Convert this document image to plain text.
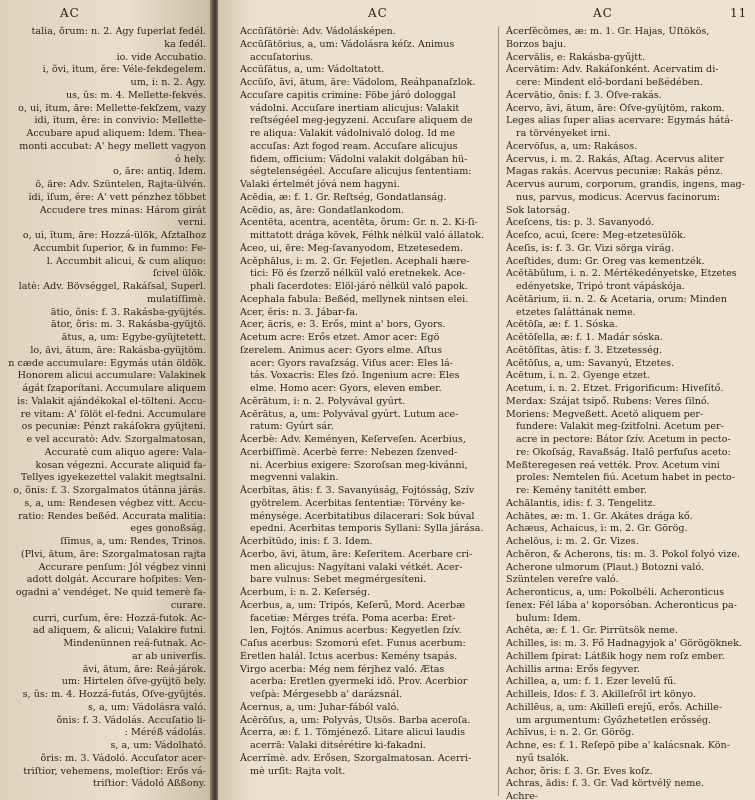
AC
talia, õrum: n. 2. Ágy ſuperlat fedél.
ka fedél.
io. vide Accubatio.
i, õvi, ĭtum, ĕre: Véle-fekdegelem.
um, i: n. 2. Ágy.
us, ŭs: m. 4. Mellette-fekvés.
o, ui, ĭtum, ăre: Mellette-fekſzem, vazy
idi, ĭtum, ĕre: in convivio: Mellette-
Accubare apud aliquem: Idem. Thea-
monti accubat: A' hegy mellett vagyon
ó hely.
o, ăre: antiq. Idem.
ō, ăre: Adv. Szüntelen, Rajta-ülvén.
ĭdi, ĭſum, ĕre: A' vett pénzhez többet
Accudere tres minas: Három girát
verni.
o, ui, ĭtum, ăre: Hozzá-ülök, Aſztalhoz
Accumbit ſuperior, & in fummo: Fe-
l. Accumbit alicui, & cum aliquo:
ſcivel ülök.
latè: Adv. Bövséggel, Rakáſsal, Superl.
mulatiſſimè.
ātio, õnis: f. 3. Rakásba-gyüjtés.
ātor, õris: m. 3. Rakásba-gyüjtö.
ātus, a, um: Egybe-gyüjtetett.
lo, ăvi, ătum, ăre: Rakásba-gyüjtöm.
n cæde accumulare: Egymás után öldök.
Honorem alicui accumulare: Valakinek
ágát ſzaporítani. Accumulare aliquem
is: Valakit ajándékokal el-tölteni. Accu-
re vitam: A' ſölöt el-fedni. Accumulare
os pecuniæ: Pénzt rakáſokra gyüjteni.
e vel accuratò: Adv. Szorgalmatosan,
Accuratè cum aliquo agere: Vala-
kosan végezni. Accurate aliquid fa-
Tellyes igyekezettel valakit megtsalni.
o, õnis: f. 3. Szorgalmatos útánna járás.
s, a, um: Rendesen végbez vitt. Accu-
ratio: Rendes beßéd. Accurata malitia:
eges gonoßság.
ſſimus, a, um: Rendes, Trinos.
(Plvi, ătum, ăre: Szorgalmatosan rajta
Accurare penſum: Jól végbez vinni
adott dolgát. Accurare hoſpites: Ven-
ogadni a' vendéget. Ne quid temerè fa-
curare.
curri, curſum, ĕre: Hozzá-futok. Ac-
ad aliquem, & alicui; Valakire futni.
Mindenünnen reá-futnak. Ac-
ar ab univerſis.
ăvi, ătum, ăre: Reá-járok.
um: Hirtelen öſve-gyüjtö bely.
s, ŭs: m. 4. Hozzá-futás, Öſve-gyüjtés.
s, a, um: Vádolásra való.
õnis: f. 3. Vádolás. Accuſatio li-
: Méréß vádolás.
s, a, um: Vádolható.
õris: m. 3. Vádoló. Accuſator acer-
triſtior, vehemens, moleſtior: Erős vá-
triſtior: Vádoló Aßßony.
AC	AC	11
Accūſātōriè: Adv. Vádolásképen.
Accūſātōrius, a, um: Vádolásra kéſz. Animus
accuſatorius.
Accūſātus, a, um: Vádoltatott.
Accūſo, āvi, ātum, āre: Vádolom, Reáhpanaſzlok.
Accuſare capitis crimine: Föbe járó dologgal
vádolni. Accuſare inertiam alicujus: Valakit
reſtségéel meg-jegyzeni. Accuſare aliquem de
re aliqua: Valakit vádolnivaló dolog. Id me
accuſas: Azt fogod ream. Accuſare alicujus
fidem, officium: Vádolni valakit dolgában hü-
ségtelenségéel. Accuſare alicujus ſententiam:
Valaki értelmét jóvá nem hagyni.
Acēdia, æ: f. 1. Gr. Reſtség, Gondatlanság.
Acēdio, as, āre: Gondatlankodom.
Acentēta, acentra, acentēta, õrum: Gr. n. 2. Ki-ſi-
mittatott drága kövek, Félhk nélkül való állatok.
Ăceo, ui, ēre: Meg-ſavanyodom, Etzetesedem.
Acĕphălus, i: m. 2. Gr. Fejetlen. Acephali hære-
tici: Fö és ſzerző nélkül való eretnekek. Ace-
phali ſacerdotes: Elöl-járó nélkül való papok.
Acephala fabula: Beßéd, mellynek nintsen elei.
Acer, ĕris: n. 3. Jábar-fa.
Acer, ācris, e: 3. Erős, mint a' bors, Gyors.
Acetum acre: Erős etzet. Amor acer: Égö
ſzerelem. Animus acer: Gyors elme. Aſtus
acer: Gyors ravaſzság. Viſus acer: Éles lá-
tás. Voxacris: Éles ſzó. Ingenium acre: Éles
elme. Homo acer: Gyors, eleven ember.
Acĕrātum, i: n. 2. Polyvával gyúrt.
Acĕrātus, a, um: Polyvával gyúrt. Lutum ace-
ratum: Gyúrt sár.
Ăcerbè: Adv. Keményen, Keſerveſen. Acerbius,
Acerbiſſimè. Acerbè ferre: Nebezen ſzenved-
ni. Acerbius exigere: Szoroſsan meg-kivánni,
megvenni valakin.
Ăcerbĭtas, ātis: f. 3. Savanyúság, Fojtósság, Szív
gyötrelem. Acerbitas ſententiæ: Törvény ke-
ménysége. Acerbitatibus dilacerari: Sok búval
epedni. Acerbitas temporis Syllani: Sylla járása.
Ăcerbĭtūdo, inis: f. 3. Idem.
Ăcerbo, āvi, ātum, āre: Keſeritem. Acerbare cri-
men alicujus: Nagyítani valaki vétkét. Acer-
bare vulnus: Sebet megmérgesíteni.
Ăcerbum, i: n. 2. Keſerség.
Ăcerbus, a, um: Tripós, Keſerű, Mord. Acerbæ
facetiæ: Mérges tréfa. Poma acerba: Éret-
len, Fojtós. Animus acerbus: Kegyetlen ſzív.
Caſus acerbus: Szomorú eſet. Funus acerbum:
Éretlen halál. Ictus acerbus: Kemény tsapás.
Virgo acerba: Még nem férjhez való. Ætas
acerba: Éretlen gyermeki idö. Prov. Acerbior
veſpà: Mérgesebb a' darázsnál.
Ăcernus, a, um: Juhar-fából való.
Ăcērōſus, a, um: Polyvás, Ütsös. Barba aceroſa.
Ăcerra, æ: f. 1. Tömjénező. Litare alicui laudis
acerrā: Valaki ditsérétire ki-fakadni.
Ăcerrĭmè. adv. Erősen, Szorgalmatosan. Acerri-
mè urſit: Rajta volt.
Ăcerſĕcŏmes, æ: m. 1. Gr. Hajas, Üſtökös,
Borzos baju.
Ăcervālis, e: Rakásba-gyűjtt.
Ăcervātim: Adv. Rakáſonként. Acervatim di-
cere: Mindent elő-bordani beßédében.
Ăcervātio, õnis: f. 3. Öſve-rakás.
Ăcervo, āvi, ātum, āre: Öſve-gyüjtöm, rakom.
Leges alias ſuper alias acervare: Egymás hátá-
ra törvényeket irni.
Ăcervōſus, a, um: Rakásos.
Ăcervus, i. m. 2. Rakás, Aſtag. Acervus aliter
Magas rakás. Acervus pecuniæ: Rakás pénz.
Acervus aurum, corporum, grandis, ingens, mag-
nus, parvus, modicus. Acervus facinorum:
Sok latorság.
Ăceſcens, tis: p. 3. Savanyodó.
Ăceſco, acui, ſcere: Meg-etzetesülök.
Ăceſis, is: f. 3. Gr. Vizi sörga virág.
Aceſtides, dum: Gr. Oreg vas kementzék.
Acĕtābŭlum, i. n. 2. Mértékedényetske, Etzetes
edényetske, Tripó tront vápáskója.
Acĕtārium, ii. n. 2. & Acetaria, orum: Minden
etzetes ſaláttának neme.
Acĕtōſa, æ: f. 1. Sóska.
Acĕtōſella, æ: f. 1. Madár sóska.
Acĕtōſĭtas, ātis: f. 3. Etzetesség.
Acĕtōſus, a, um: Savanyú, Etzetes.
Acētum, ĭ. n. 2. Gyenge etzet.
Acetum, i. n. 2. Etzet. Frigorificum: Hiveſítő.
Merdax: Szájat tsipő. Rubens: Veres ſilnó.
Moriens: Megveßett. Acetŏ aliquem per-
fundere: Valakit meg-ſzitfolni. Acetum per-
acre in pectore: Bátor ſzív. Acetum in pecto-
re: Okoſság, Ravaßság. Italô perfuſus aceto:
Meßteregesen reá vették. Prov. Acetum vini
proles: Nemtelen fiú. Acetum habet in pecto-
re: Kemény tanitétt ember.
Achălantis, idis: f. 3. Tengelitz.
Achātes, æ: m. 1. Gr. Akátes drága kő.
Achæus, Achaicus, i: m. 2. Gr. Görög.
Achelōus, i: m. 2. Gr. Vizes.
Achĕron, & Acherons, tis: m. 3. Pokol folyó vize.
Acherone ulmorum (Plaut.) Botozni való.
Szüntelen vereſre való.
Acheronticus, a, um: Pokolbéli. Acheronticus
ſenex: Fél lába a' koporsóban. Acheronticus pa-
bulum: Idem.
Achēta, æ: f. 1. Gr. Pirrütsök neme.
Achilles, is: m. 3. Fő Hadnagyjok a' Görögöknek.
Achillem ſpirat: Látßik hogy nem roſz ember.
Achillis arma: Erős fegyver.
Achillea, a, um: f. 1. Ezer levelű fű.
Achilleis, Idos: f. 3. Akilleſről irt könyo.
Achillēus, a, um: Akilleſi erejű, erős. Achille-
um argumentum: Győzhetetlen erősség.
Achīvus, i: n. 2. Gr. Görög.
Achne, es: f. 1. Reſepö pibe a' kalácsnak. Kön-
nyű tsalók.
Achor, õris: f. 3. Gr. Eves koſz.
Achras, ădis: f. 3. Gr. Vad körtvélÿ neme.
Achre-
